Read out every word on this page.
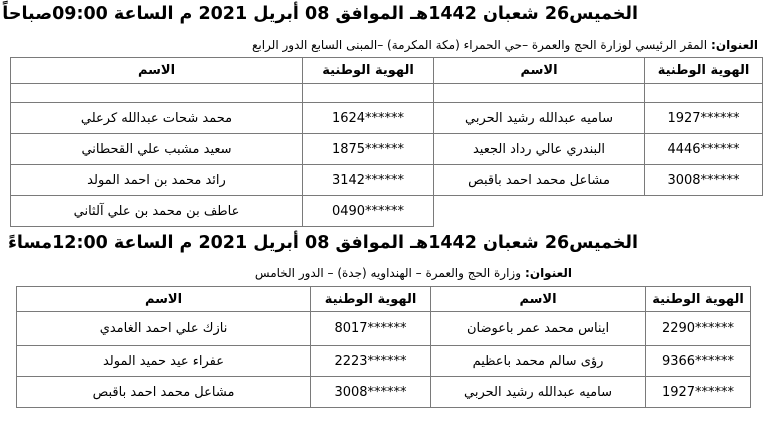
الخميس26 شعبان 1442هـ الموافق 08 أبريل 2021 م الساعة 09:00صباحاً
العنوان:المقر الرئيسي لوزارة الحج والعمرة –حي الحمراء (مكة المكرمة) –المبنى السابع الدور الرابع
الهوية الوطنية	الاسم	الهوية الوطنية	الاسم

1927******	ساميه عبدالله رشيد الحربي	1624******	محمد شحات عبدالله كرعلي
4446******	البندري عالي رداد الجعيد	1875******	سعيد مشبب علي القحطاني
3008******	مشاعل محمد احمد باقبص	3142******	رائد محمد بن احمد المولد
		0490******	عاطف بن محمد بن علي آلثاني
الخميس26 شعبان 1442هـ الموافق 08 أبريل 2021 م الساعة 12:00مساءً
العنوان:وزارة الحج والعمرة – الهنداويه (جدة) – الدور الخامس
الهوية الوطنية	الاسم	الهوية الوطنية	الاسم
2290******	ايناس محمد عمر باعوضان	8017******	نازك علي احمد الغامدي
9366******	رؤى سالم محمد باعظيم	2223******	عفراء عيد حميد المولد
1927******	ساميه عبدالله رشيد الحربي	3008******	مشاعل محمد احمد باقبص
